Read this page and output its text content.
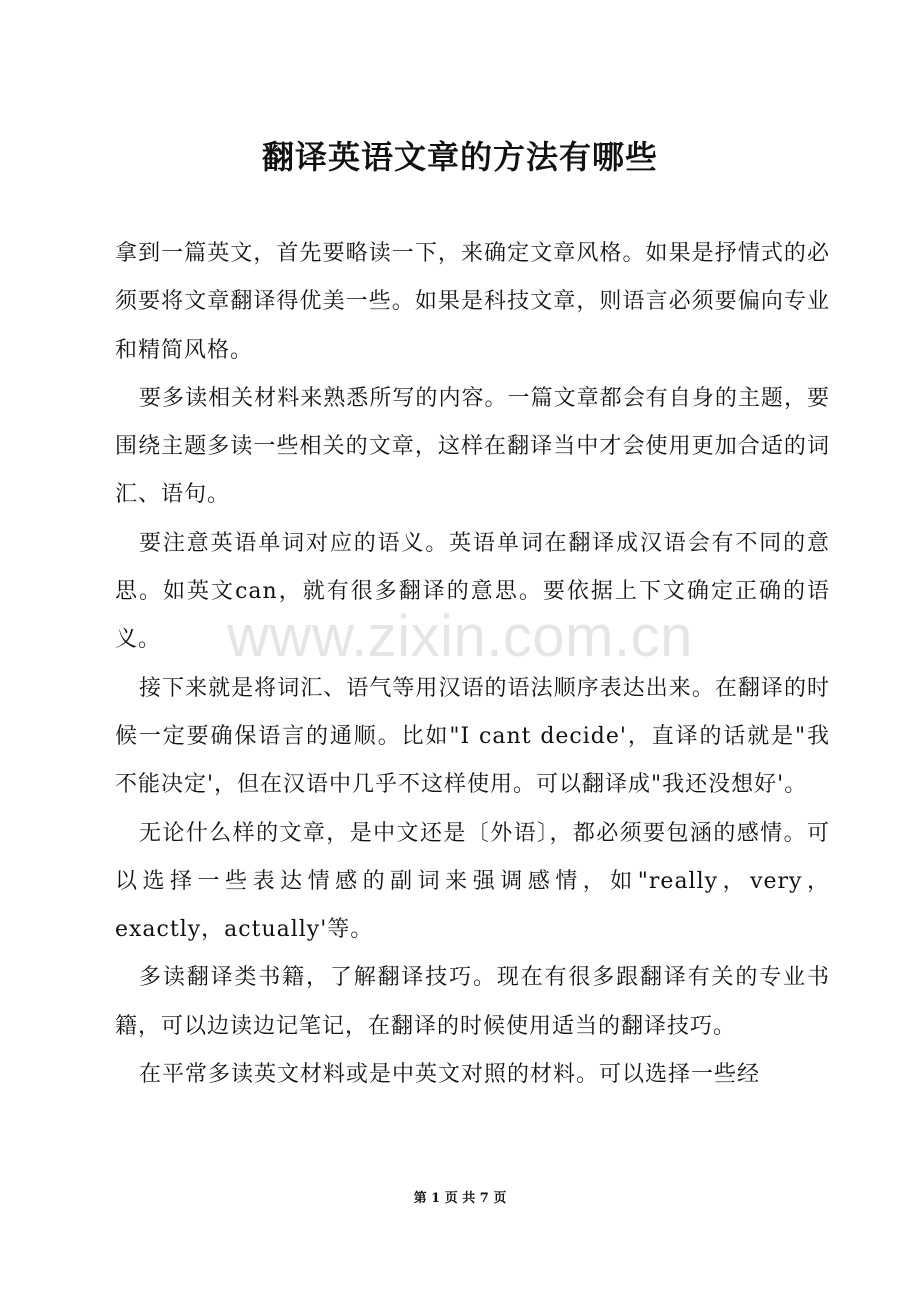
翻译英语文章的方法有哪些

拿到一篇英文，首先要略读一下，来确定文章风格。如果是抒情式的必须要将文章翻译得优美一些。如果是科技文章，则语言必须要偏向专业和精简风格。

要多读相关材料来熟悉所写的内容。一篇文章都会有自身的主题，要围绕主题多读一些相关的文章，这样在翻译当中才会使用更加合适的词汇、语句。

要注意英语单词对应的语义。英语单词在翻译成汉语会有不同的意思。如英文can，就有很多翻译的意思。要依据上下文确定正确的语义。

接下来就是将词汇、语气等用汉语的语法顺序表达出来。在翻译的时候一定要确保语言的通顺。比如"I cant decide'，直译的话就是"我不能决定'，但在汉语中几乎不这样使用。可以翻译成"我还没想好'。

无论什么样的文章，是中文还是〔外语〕，都必须要包涵的感情。可以选择一些表达情感的副词来强调感情，如"really，very，exactly，actually'等。

多读翻译类书籍，了解翻译技巧。现在有很多跟翻译有关的专业书籍，可以边读边记笔记，在翻译的时候使用适当的翻译技巧。

在平常多读英文材料或是中英文对照的材料。可以选择一些经

www.zixin.com.cn
第 1 页 共 7 页
